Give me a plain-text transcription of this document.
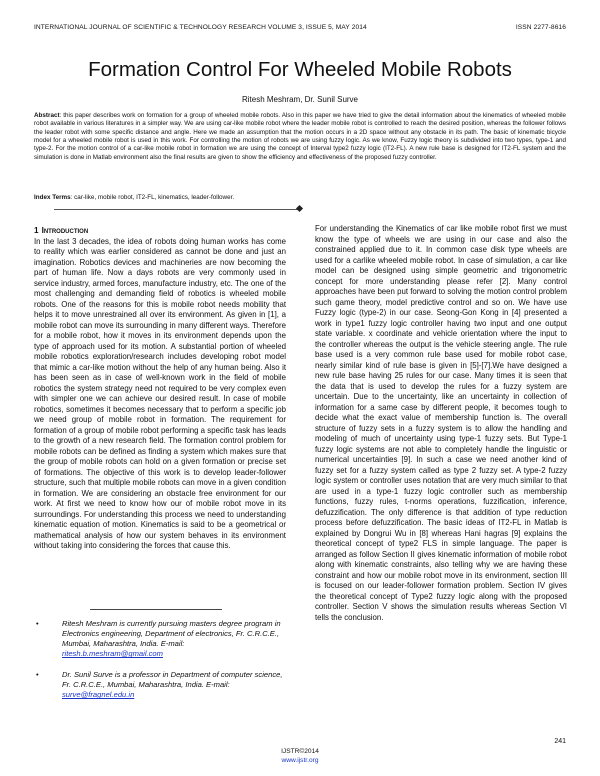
INTERNATIONAL JOURNAL OF SCIENTIFIC & TECHNOLOGY RESEARCH VOLUME 3, ISSUE 5, MAY 2014	ISSN 2277-8616
Formation Control For Wheeled Mobile Robots
Ritesh Meshram, Dr. Sunil Surve
Abstract: this paper describes work on formation for a group of wheeled mobile robots. Also in this paper we have tried to give the detail information about the kinematics of wheeled mobile robot available in various literatures in a simpler way. We are using car-like mobile robot where the leader mobile robot is controlled to reach the desired position, whereas the follower follows the leader robot with some specific distance and angle. Here we made an assumption that the motion occurs in a 2D space without any obstacle in its path. The basic of kinematic bicycle model for a wheeled mobile robot is used in this work. For controlling the motion of robots we are using fuzzy logic. As we know, Fuzzy logic theory is subdivided into two types, type-1 and type-2. For the motion control of a car-like mobile robot in formation we are using the concept of Interval type2 fuzzy logic (IT2-FL). A new rule base is designed for IT2-FL system and the simulation is done in Matlab environment also the final results are given to show the efficiency and effectiveness of the proposed fuzzy controller.
Index Terms: car-like, mobile robot, IT2-FL, kinematics, leader-follower.
1 Introduction

In the last 3 decades, the idea of robots doing human works has come to reality which was earlier considered as cannot be done and just an imagination. Robotics devices and machineries are now becoming the part of human life. Now a days robots are very commonly used in service industry, armed forces, manufacture industry, etc. The one of the most challenging and demanding field of robotics is wheeled mobile robots. One of the reasons for this is mobile robot needs mobility that helps it to move unrestrained all over its environment. As given in [1], a mobile robot can move its surrounding in many different ways. Therefore for a mobile robot, how it moves in its environment depends upon the type of approach used for its motion. A substantial portion of wheeled mobile robotics exploration/research includes developing robot model that mimic a car-like motion without the help of any human being. Also it has been seen as in case of well-known work in the field of mobile robotics the system strategy need not required to be very complex even with simpler one we can achieve our desired result. In case of mobile robotics, sometimes it becomes necessary that to perform a specific job we need group of mobile robot in formation. The requirement for formation of a group of mobile robot performing a specific task has leads to the growth of a new research field. The formation control problem for mobile robots can be defined as finding a system which makes sure that the group of mobile robots can hold on a given formation or precise set of formations. The objective of this work is to develop leader-follower structure, such that multiple mobile robots can move in a given condition in formation. We are considering an obstacle free environment for our work. At first we need to know how our of mobile robot move in its surroundings. For understanding this process we need to understanding kinematic equation of motion. Kinematics is said to be a geometrical or mathematical analysis of how our system behaves in its environment without taking into considering the forces that cause this.

For understanding the Kinematics of car like mobile robot first we must know the type of wheels we are using in our case and also the constrained applied due to it. In common case disk type wheels are used for a carlike wheeled mobile robot. In case of simulation, a car like model can be designed using simple geometric and trigonometric concept for more understanding please refer [2]. Many control approaches have been put forward to solving the motion control problem such game theory, model predictive control and so on. We have use Fuzzy logic (type-2) in our case. Seong-Gon Kong in [4] presented a work in type1 fuzzy logic controller having two input and one output state variable. x coordinate and vehicle orientation where the input to the controller whereas the output is the vehicle steering angle. The rule base used is a very common rule base used for mobile robot case, nearly similar kind of rule base is given in [5]-[7].We have designed a new rule base having 25 rules for our case. Many times it is seen that the data that is used to develop the rules for a fuzzy system are uncertain. Due to the uncertainty, like an uncertainty in collection of information for a same case by different people, it becomes tough to decide what the exact value of membership function is. The overall structure of fuzzy sets in a fuzzy system is to allow the handling and modeling of much of uncertainty using type-1 fuzzy sets. But Type-1 fuzzy logic systems are not able to completely handle the linguistic or numerical uncertainties [9]. In such a case we need another kind of fuzzy set for a fuzzy system called as type 2 fuzzy set. A type-2 fuzzy logic system or controller uses notation that are very much similar to that are used in a type-1 fuzzy logic controller such as membership functions, fuzzy rules, t-norms operations, fuzzification, inference, defuzzification. The only difference is that addition of type reduction process before defuzzification. The basic ideas of IT2-FL in Matlab is explained by Dongrui Wu in [8] whereas Hani hagras [9] explains the theoretical concept of type2 FLS in simple language. The paper is arranged as follow Section II gives kinematic information of mobile robot along with kinematic constraints, also telling why we are having these constraint and how our mobile robot move in its environment, section III is focused on our leader-follower formation problem. Section IV gives the theoretical concept of Type2 fuzzy logic along with the proposed controller. Section V shows the simulation results whereas Section VI tells the conclusion.

•	Ritesh Meshram is currently pursuing masters degree program in Electronics engineering, Department of electronics, Fr. C.R.C.E., Mumbai, Maharashtra, India. E-mail: ritesh.b.meshram@gmail.com
•	Dr. Sunil Surve is a professor in Department of computer science, Fr. C.R.C.E., Mumbai, Maharashtra, India. E-mail: surve@fragnel.edu.in
241
IJSTR©2014
www.ijstr.org
